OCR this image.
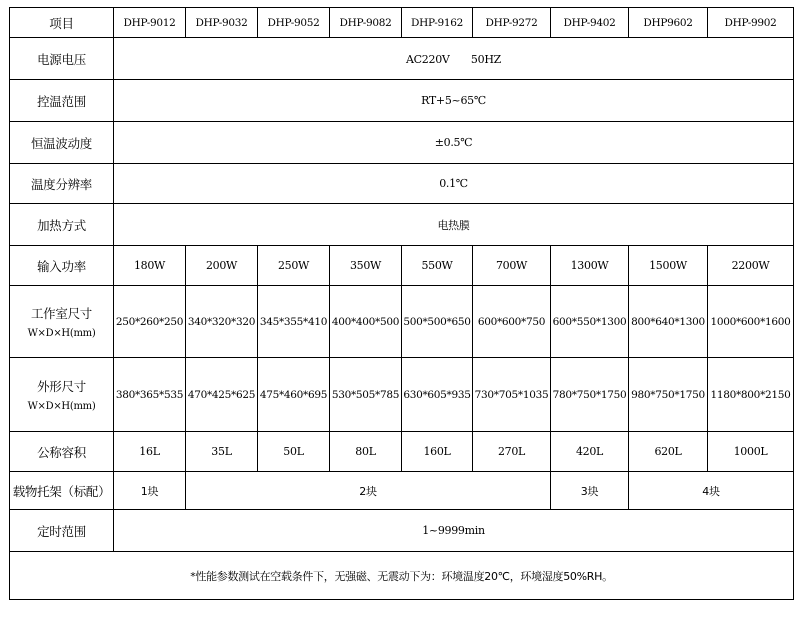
项目	DHP-9012	DHP-9032	DHP-9052	DHP-9082	DHP-9162	DHP-9272	DHP-9402	DHP9602	DHP-9902
电源电压	AC220V　　50HZ								
控温范围	RT+5~65℃								
恒温波动度	±0.5℃								
温度分辨率	0.1℃								
加热方式	电热膜								
输入功率	180W	200W	250W	350W	550W	700W	1300W	1500W	2200W

工作室尺寸
W×D×H(mm)	250*260*250	340*320*320	345*355*410	400*400*500	500*500*650	600*600*750	600*550*1300	800*640*1300	1000*600*1600

外形尺寸
W×D×H(mm)	380*365*535	470*425*625	475*460*695	530*505*785	630*605*935	730*705*1035	780*750*1750	980*750*1750	1180*800*2150
公称容积	16L	35L	50L	80L	160L	270L	420L	620L	1000L
载物托架（标配）	1块	2块					3块	4块	
定时范围	1~9999min								
*性能参数测试在空载条件下，无强磁、无震动下为：环境温度20℃，环境湿度50%RH。									
